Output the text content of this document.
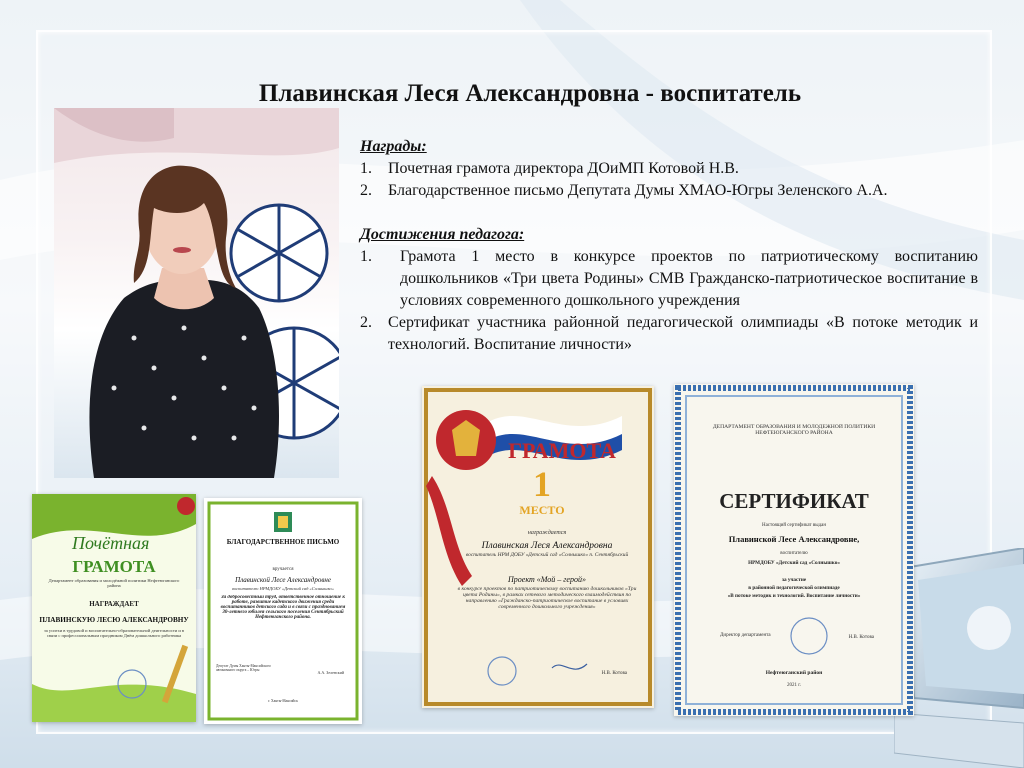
Плавинская Леся Александровна - воспитатель

Награды:

1. Почетная грамота директора ДОиМП Котовой Н.В.
2. Благодарственное письмо Депутата Думы ХМАО-Югры Зеленского А.А.

Достижения педагога:

1. Грамота 1 место в конкурсе проектов по патриотическому воспитанию дошкольников «Три цвета Родины» СМВ Гражданско-патриотическое воспитание в условиях современного дошкольного учреждения
2. Сертификат участника районной педагогической олимпиады «В потоке методик и технологий. Воспитание личности»
Почётная
ГРАМОТА
Департамент образования и молодёжной политики Нефтеюганского района
НАГРАЖДАЕТ
ПЛАВИНСКУЮ ЛЕСЮ АЛЕКСАНДРОВНУ
за успехи в трудовой и воспитательно-образовательной деятельности и в связи с профессиональным праздником Днём дошкольного работника
БЛАГОДАРСТВЕННОЕ ПИСЬМО
вручается
Плавинской Лесе Александровне
воспитателю НРМДОБУ «Детский сад «Солнышко»
За добросовестный труд, ответственное отношение к работе, развитие кадетского движения среди воспитанников детского сада и в связи с празднованием 30-летнего юбилея сельского поселения Сентябрьский Нефтеюганского района.
Депутат Думы Ханты-Мансийского автономного округа – Югры	А.А. Зеленский
г. Ханты-Мансийск
ГРАМОТА
1
МЕСТО
награждается
Плавинская Леся Александровна
воспитатель НРМ ДОБУ «Детский сад «Солнышко» п. Сентябрьский
Проект «Мой – герой»
в конкурсе проектов по патриотическому воспитанию дошкольников «Три цвета Родины», в рамках сетевого методического взаимодействия по направлению «Гражданско-патриотическое воспитание в условиях современного дошкольного учреждения»
Н.В. Котова
ДЕПАРТАМЕНТ ОБРАЗОВАНИЯ И МОЛОДЁЖНОЙ ПОЛИТИКИ НЕФТЕЮГАНСКОГО РАЙОНА
СЕРТИФИКАТ
Настоящий сертификат выдан
Плавинской Лесе Александровне,
воспитателю
НРМДОБУ «Детский сад «Солнышко»
за участие
в районной педагогической олимпиаде
«В потоке методик и технологий. Воспитание личности»
Директор департамента	Н.В. Котова
Нефтеюганский район
2021 г.
